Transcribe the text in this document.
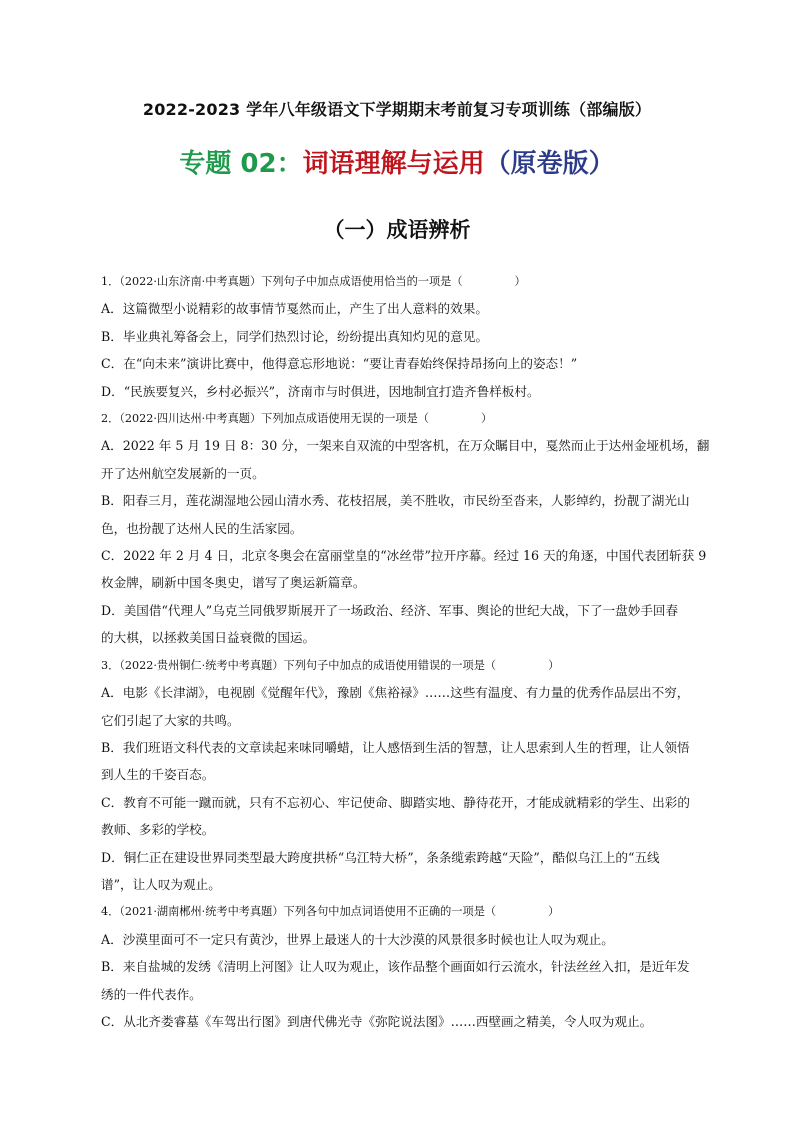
2022-2023 学年八年级语文下学期期末考前复习专项训练（部编版）
专题 02：词语理解与运用（原卷版）
（一）成语辨析
1．（2022·山东济南·中考真题）下列句子中加点成语使用恰当的一项是（	）
A．这篇微型小说精彩的故事情节戛然而止，产生了出人意料的效果。
B．毕业典礼筹备会上，同学们热烈讨论，纷纷提出真知灼见的意见。
C．在“向未来”演讲比赛中，他得意忘形地说：“要让青春始终保持昂扬向上的姿态！”
D．“民族要复兴，乡村必振兴”，济南市与时俱进，因地制宜打造齐鲁样板村。
2．（2022·四川达州·中考真题）下列加点成语使用无误的一项是（	）
A．2022 年 5 月 19 日 8：30 分，一架来自双流的中型客机，在万众瞩目中，戛然而止于达州金垭机场，翻
开了达州航空发展新的一页。
B．阳春三月，莲花湖湿地公园山清水秀、花枝招展，美不胜收，市民纷至沓来，人影绰约，扮靓了湖光山
色，也扮靓了达州人民的生活家园。
C．2022 年 2 月 4 日，北京冬奥会在富丽堂皇的“冰丝带”拉开序幕。经过 16 天的角逐，中国代表团斩获 9
枚金牌，刷新中国冬奥史，谱写了奥运新篇章。
D．美国借“代理人”乌克兰同俄罗斯展开了一场政治、经济、军事、舆论的世纪大战，下了一盘妙手回春
的大棋，以拯救美国日益衰微的国运。
3．（2022·贵州铜仁·统考中考真题）下列句子中加点的成语使用错误的一项是（	）
A．电影《长津湖》，电视剧《觉醒年代》，豫剧《焦裕禄》……这些有温度、有力量的优秀作品层出不穷，
它们引起了大家的共鸣。
B．我们班语文科代表的文章读起来味同嚼蜡，让人感悟到生活的智慧，让人思索到人生的哲理，让人领悟
到人生的千姿百态。
C．教育不可能一蹴而就，只有不忘初心、牢记使命、脚踏实地、静待花开，才能成就精彩的学生、出彩的
教师、多彩的学校。
D．铜仁正在建设世界同类型最大跨度拱桥“乌江特大桥”，条条缆索跨越“天险”，酷似乌江上的“五线
谱”，让人叹为观止。
4．（2021·湖南郴州·统考中考真题）下列各句中加点词语使用不正确的一项是（	）
A．沙漠里面可不一定只有黄沙，世界上最迷人的十大沙漠的风景很多时候也让人叹为观止。
B．来自盐城的发绣《清明上河图》让人叹为观止，该作品整个画面如行云流水，针法丝丝入扣，是近年发
绣的一件代表作。
C．从北齐娄睿墓《车驾出行图》到唐代佛光寺《弥陀说法图》……西壁画之精美，令人叹为观止。
